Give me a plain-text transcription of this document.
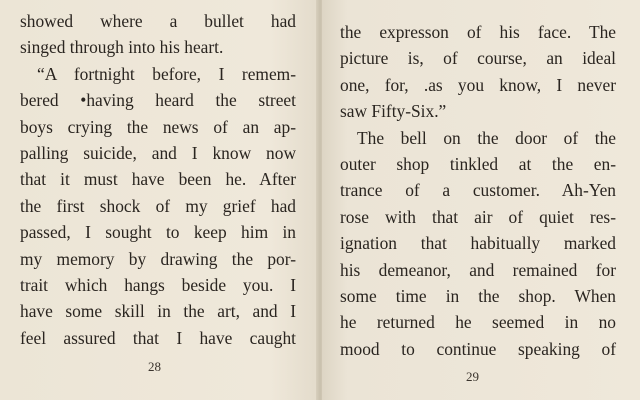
showed where a bullet had
singed through into his heart.
“A fortnight before, I remem-
bered •having heard the street
boys crying the news of an ap-
palling suicide, and I know now
that it must have been he. After
the first shock of my grief had
passed, I sought to keep him in
my memory by drawing the por-
trait which hangs beside you. I
have some skill in the art, and I
feel assured that I have caught
28
the expresson of his face. The
picture is, of course, an ideal
one, for, .as you know, I never
saw Fifty-Six.”
The bell on the door of the
outer shop tinkled at the en-
trance of a customer. Ah-Yen
rose with that air of quiet res-
ignation that habitually marked
his demeanor, and remained for
some time in the shop. When
he returned he seemed in no
mood to continue speaking of
29
